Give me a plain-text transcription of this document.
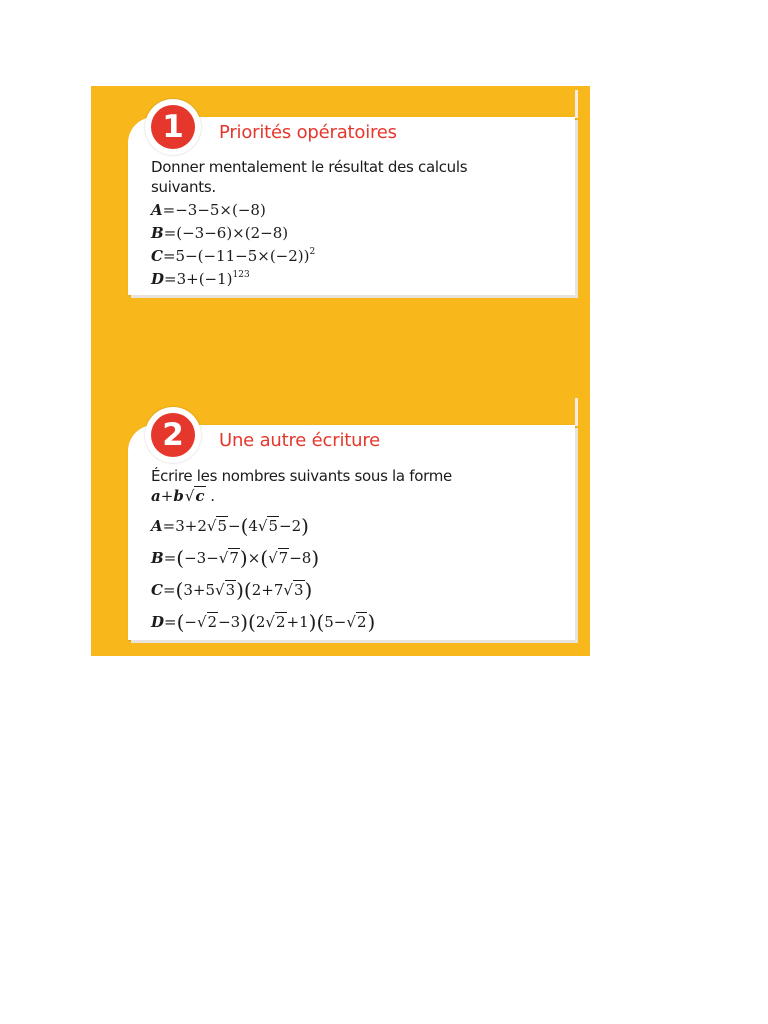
1	Priorités opératoires
Donner mentalement le résultat des calculs
suivants.
A=−3−5×(−8)
B=(−3−6)×(2−8)
$C=5-(-11-5\times(-2))^2$
$D=3+(-1)^{123}$
2	Une autre écriture
Écrire les nombres suivants sous la forme
a+b√c .
A=3+2√5−(4√5−2)
B=(−3−√7)×(√7−8)
C=(3+5√3)(2+7√3)
D=(−√2−3)(2√2+1)(5−√2)
